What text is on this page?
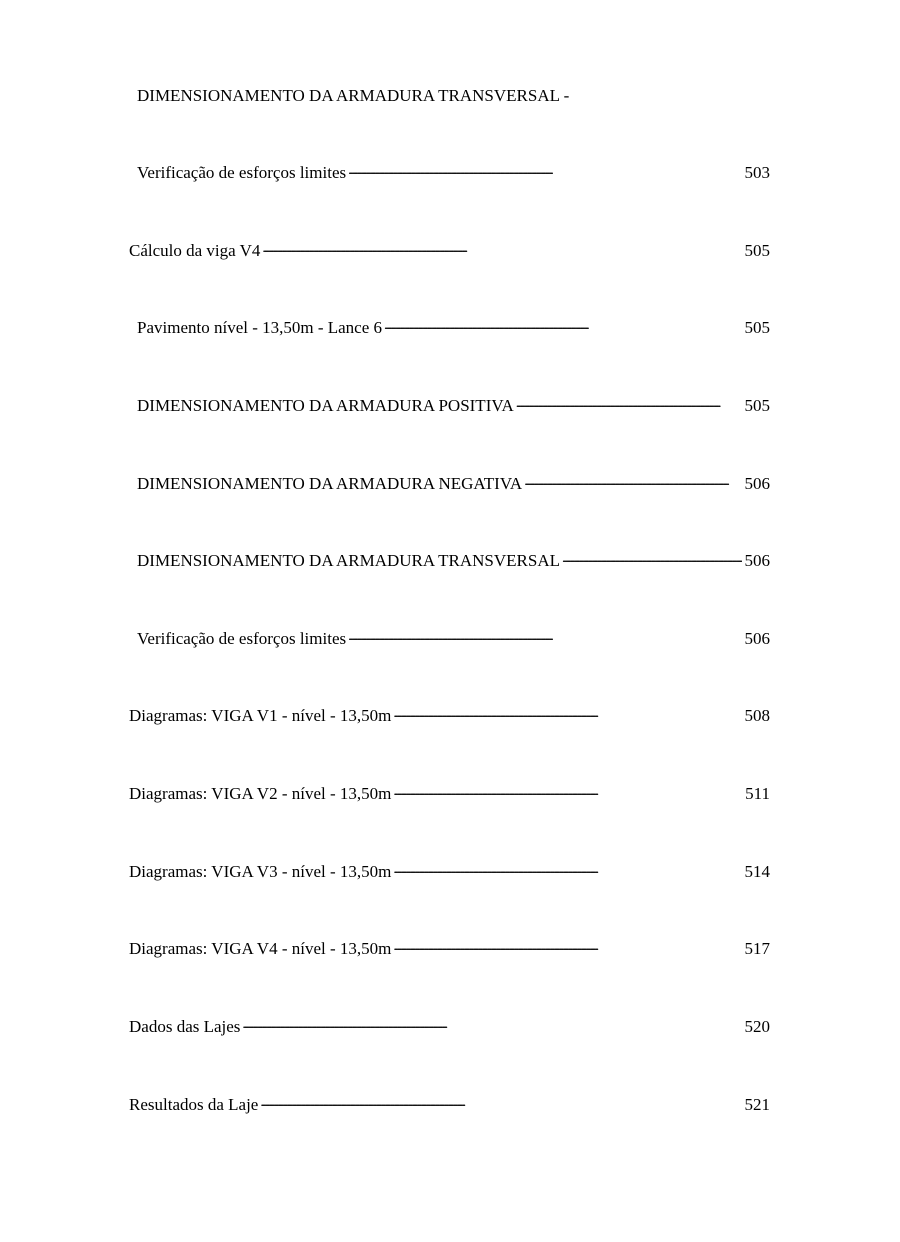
DIMENSIONAMENTO DA ARMADURA TRANSVERSAL -
Verificação de esforços limites . . .	503
Cálculo da viga V4 . . .	505
Pavimento nível - 13,50m - Lance 6 . . .	505
DIMENSIONAMENTO DA ARMADURA POSITIVA . . .	505
DIMENSIONAMENTO DA ARMADURA NEGATIVA . . .	506
DIMENSIONAMENTO DA ARMADURA TRANSVERSAL . . .	506
Verificação de esforços limites . . .	506
Diagramas: VIGA V1 - nível - 13,50m . . .	508
Diagramas: VIGA V2 - nível - 13,50m . . .	511
Diagramas: VIGA V3 - nível - 13,50m . . .	514
Diagramas: VIGA V4 - nível - 13,50m . . .	517
Dados das Lajes . . .	520
Resultados da Laje . . .	521
